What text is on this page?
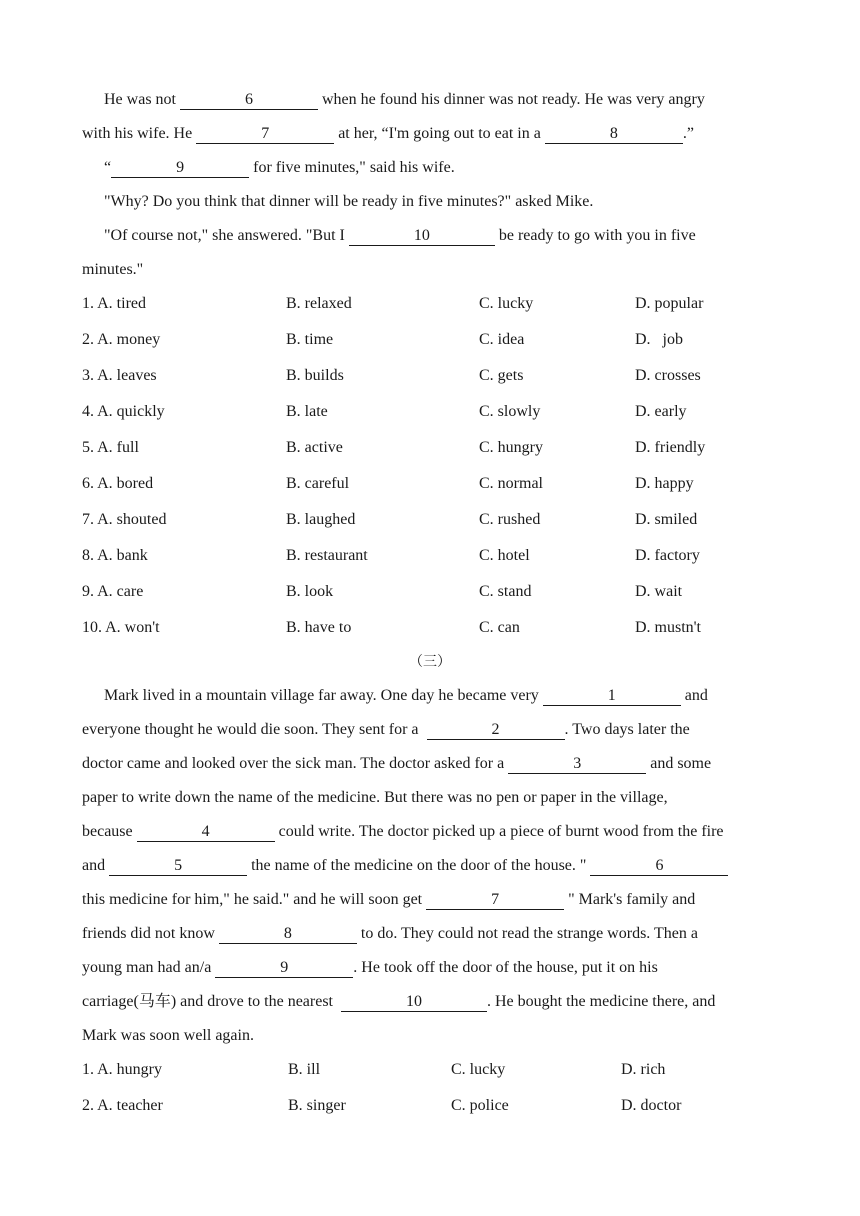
He was not	6	when he found his dinner was not ready. He was very angry
with his wife. He	7	at her, “I'm going out to eat in a	8	.”
“	9	for five minutes," said his wife.
"Why? Do you think that dinner will be ready in five minutes?" asked Mike.
"Of course not," she answered. "But I	10	be ready to go with you in five
minutes."
1. A. tired	B. relaxed	C. lucky	D. popular
2. A. money	B. time	C. idea	D.   job
3. A. leaves	B. builds	C. gets	D. crosses
4. A. quickly	B. late	C. slowly	D. early
5. A. full	B. active	C. hungry	D. friendly
6. A. bored	B. careful	C. normal	D. happy
7. A. shouted	B. laughed	C. rushed	D. smiled
8. A. bank	B. restaurant	C. hotel	D. factory
9. A. care	B. look	C. stand	D. wait
10. A. won't	B. have to	C. can	D. mustn't
（三）
Mark lived in a mountain village far away. One day he became very	1	and
everyone thought he would die soon. They sent for a	2	. Two days later the
doctor came and looked over the sick man. The doctor asked for a	3	and some
paper to write down the name of the medicine. But there was no pen or paper in the village,
because	4	could write. The doctor picked up a piece of burnt wood from the fire
and	5	the name of the medicine on the door of the house. "	6
this medicine for him," he said." and he will soon get	7	" Mark's family and
friends did not know	8	to do. They could not read the strange words. Then a
young man had an/a	9	. He took off the door of the house, put it on his
carriage(马车) and drove to the nearest	10	. He bought the medicine there, and
Mark was soon well again.
1. A. hungry	B. ill	C. lucky	D. rich
2. A. teacher	B. singer	C. police	D. doctor
